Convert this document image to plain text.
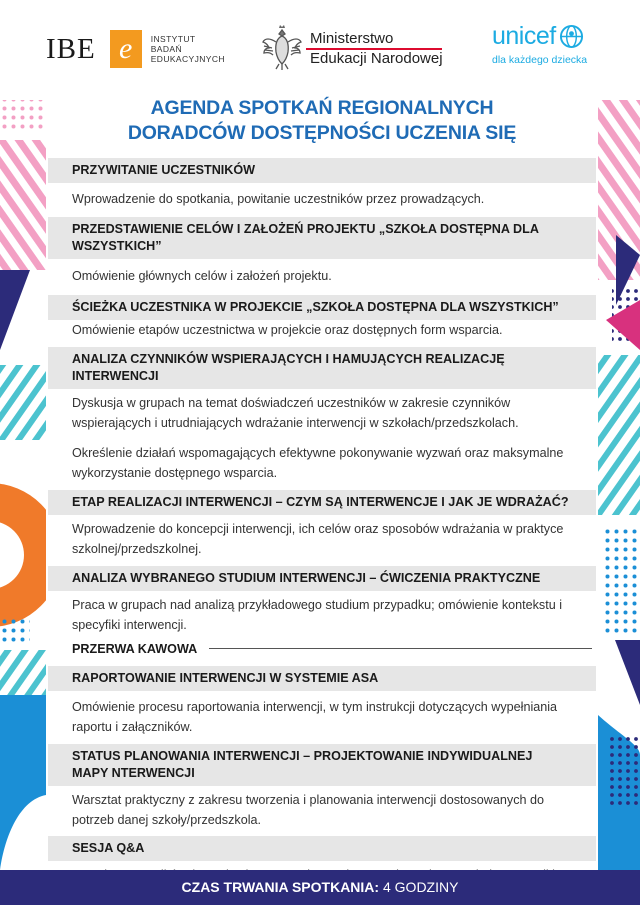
IBE e	INSTYTUT
BADAŃ
EDUKACYJNYCH
Ministerstwo
Edukacji Narodowej
unicef
dla każdego dziecka
AGENDA SPOTKAŃ REGIONALNYCH
DORADCÓW DOSTĘPNOŚCI UCZENIA SIĘ
PRZYWITANIE UCZESTNIKÓW

Wprowadzenie do spotkania, powitanie uczestników przez prowadzących.

PRZEDSTAWIENIE CELÓW I ZAŁOŻEŃ PROJEKTU „SZKOŁA DOSTĘPNA DLA WSZYSTKICH”

Omówienie głównych celów i założeń projektu.

ŚCIEŻKA UCZESTNIKA W PROJEKCIE „SZKOŁA DOSTĘPNA DLA WSZYSTKICH”

Omówienie etapów uczestnictwa w projekcie oraz dostępnych form wsparcia.

ANALIZA CZYNNIKÓW WSPIERAJĄCYCH I HAMUJĄCYCH REALIZACJĘ INTERWENCJI

Dyskusja w grupach na temat doświadczeń uczestników w zakresie czynników wspierających i utrudniających wdrażanie interwencji w szkołach/przedszkolach.

Określenie działań wspomagających efektywne pokonywanie wyzwań oraz maksymalne wykorzystanie dostępnego wsparcia.

ETAP REALIZACJI INTERWENCJI – CZYM SĄ INTERWENCJE I JAK JE WDRAŻAĆ?

Wprowadzenie do koncepcji interwencji, ich celów oraz sposobów wdrażania w praktyce szkolnej/przedszkolnej.

ANALIZA WYBRANEGO STUDIUM INTERWENCJI – ĆWICZENIA PRAKTYCZNE

Praca w grupach nad analizą przykładowego studium przypadku; omówienie kontekstu i specyfiki interwencji.

PRZERWA KAWOWA
RAPORTOWANIE INTERWENCJI W SYSTEMIE ASA

Omówienie procesu raportowania interwencji, w tym instrukcji dotyczących wypełniania raportu i załączników.

STATUS PLANOWANIA INTERWENCJI – PROJEKTOWANIE INDYWIDUALNEJ MAPY NTERWENCJI

Warsztat praktyczny z zakresu tworzenia i planowania interwencji dostosowanych do potrzeb danej szkoły/przedszkola.

SESJA Q&A

CZAS TRWANIA SPOTKANIA: 4 GODZINY
